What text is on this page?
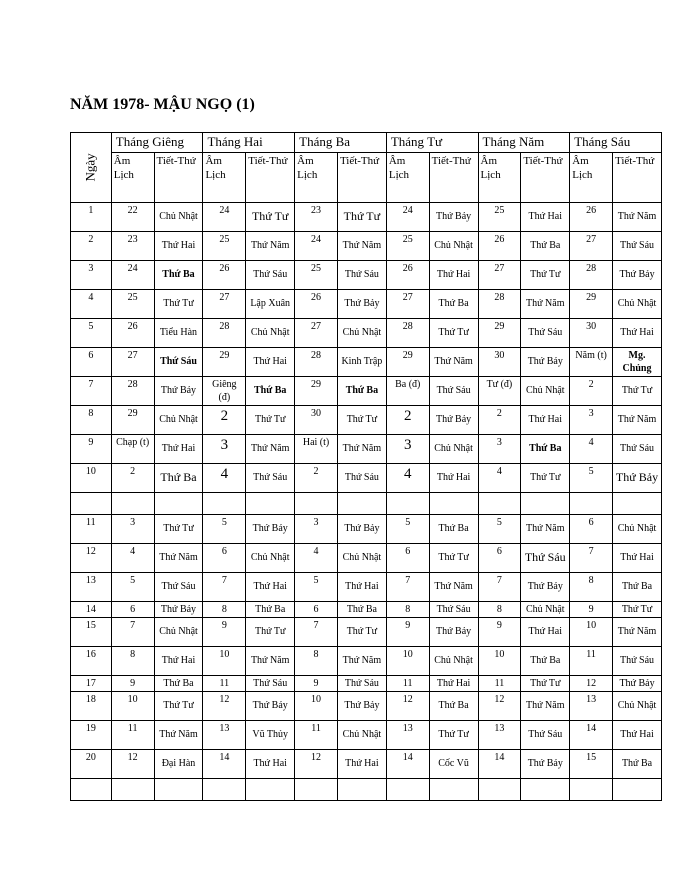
NĂM 1978- MẬU NGỌ (1)
Ngày	Tháng Giêng		Tháng Hai		Tháng Ba		Tháng Tư		Tháng Năm		Tháng Sáu	
	Âm Lịch	Tiết-Thứ	Âm Lịch	Tiết-Thứ	Âm Lịch	Tiết-Thứ	Âm Lịch	Tiết-Thứ	Âm Lịch	Tiết-Thứ	Âm Lịch	Tiết-Thứ
1	22	Chủ Nhật	24	Thứ Tư	23	Thứ Tư	24	Thứ Bảy	25	Thứ Hai	26	Thứ Năm
2	23	Thứ Hai	25	Thứ Năm	24	Thứ Năm	25	Chủ Nhật	26	Thứ Ba	27	Thứ Sáu
3	24	Thứ Ba	26	Thứ Sáu	25	Thứ Sáu	26	Thứ Hai	27	Thứ Tư	28	Thứ Bảy
4	25	Thứ Tư	27	Lập Xuân	26	Thứ Bảy	27	Thứ Ba	28	Thứ Năm	29	Chủ Nhật
5	26	Tiểu Hàn	28	Chủ Nhật	27	Chủ Nhật	28	Thứ Tư	29	Thứ Sáu	30	Thứ Hai
6	27	Thứ Sáu	29	Thứ Hai	28	Kinh Trập	29	Thứ Năm	30	Thứ Bảy	Năm (t)	Mg. Chủng
7	28	Thứ Bảy	Giêng (đ)	Thứ Ba	29	Thứ Ba	Ba (đ)	Thứ Sáu	Tư (đ)	Chủ Nhật	2	Thứ Tư
8	29	Chủ Nhật	2	Thứ Tư	30	Thứ Tư	2	Thứ Bảy	2	Thứ Hai	3	Thứ Năm
9	Chạp (t)	Thứ Hai	3	Thứ Năm	Hai (t)	Thứ Năm	3	Chủ Nhật	3	Thứ Ba	4	Thứ Sáu
10	2	Thứ Ba	4	Thứ Sáu	2	Thứ Sáu	4	Thứ Hai	4	Thứ Tư	5	Thứ Bảy

11	3	Thứ Tư	5	Thứ Bảy	3	Thứ Bảy	5	Thứ Ba	5	Thứ Năm	6	Chủ Nhật
12	4	Thứ Năm	6	Chủ Nhật	4	Chủ Nhật	6	Thứ Tư	6	Thứ Sáu	7	Thứ Hai
13	5	Thứ Sáu	7	Thứ Hai	5	Thứ Hai	7	Thứ Năm	7	Thứ Bảy	8	Thứ Ba
14	6	Thứ Bảy	8	Thứ Ba	6	Thứ Ba	8	Thứ Sáu	8	Chủ Nhật	9	Thứ Tư
15	7	Chủ Nhật	9	Thứ Tư	7	Thứ Tư	9	Thứ Bảy	9	Thứ Hai	10	Thứ Năm
16	8	Thứ Hai	10	Thứ Năm	8	Thứ Năm	10	Chủ Nhật	10	Thứ Ba	11	Thứ Sáu
17	9	Thứ Ba	11	Thứ Sáu	9	Thứ Sáu	11	Thứ Hai	11	Thứ Tư	12	Thứ Bảy
18	10	Thứ Tư	12	Thứ Bảy	10	Thứ Bảy	12	Thứ Ba	12	Thứ Năm	13	Chủ Nhật
19	11	Thứ Năm	13	Vũ Thủy	11	Chủ Nhật	13	Thứ Tư	13	Thứ Sáu	14	Thứ Hai
20	12	Đại Hàn	14	Thứ Hai	12	Thứ Hai	14	Cốc Vũ	14	Thứ Bảy	15	Thứ Ba
